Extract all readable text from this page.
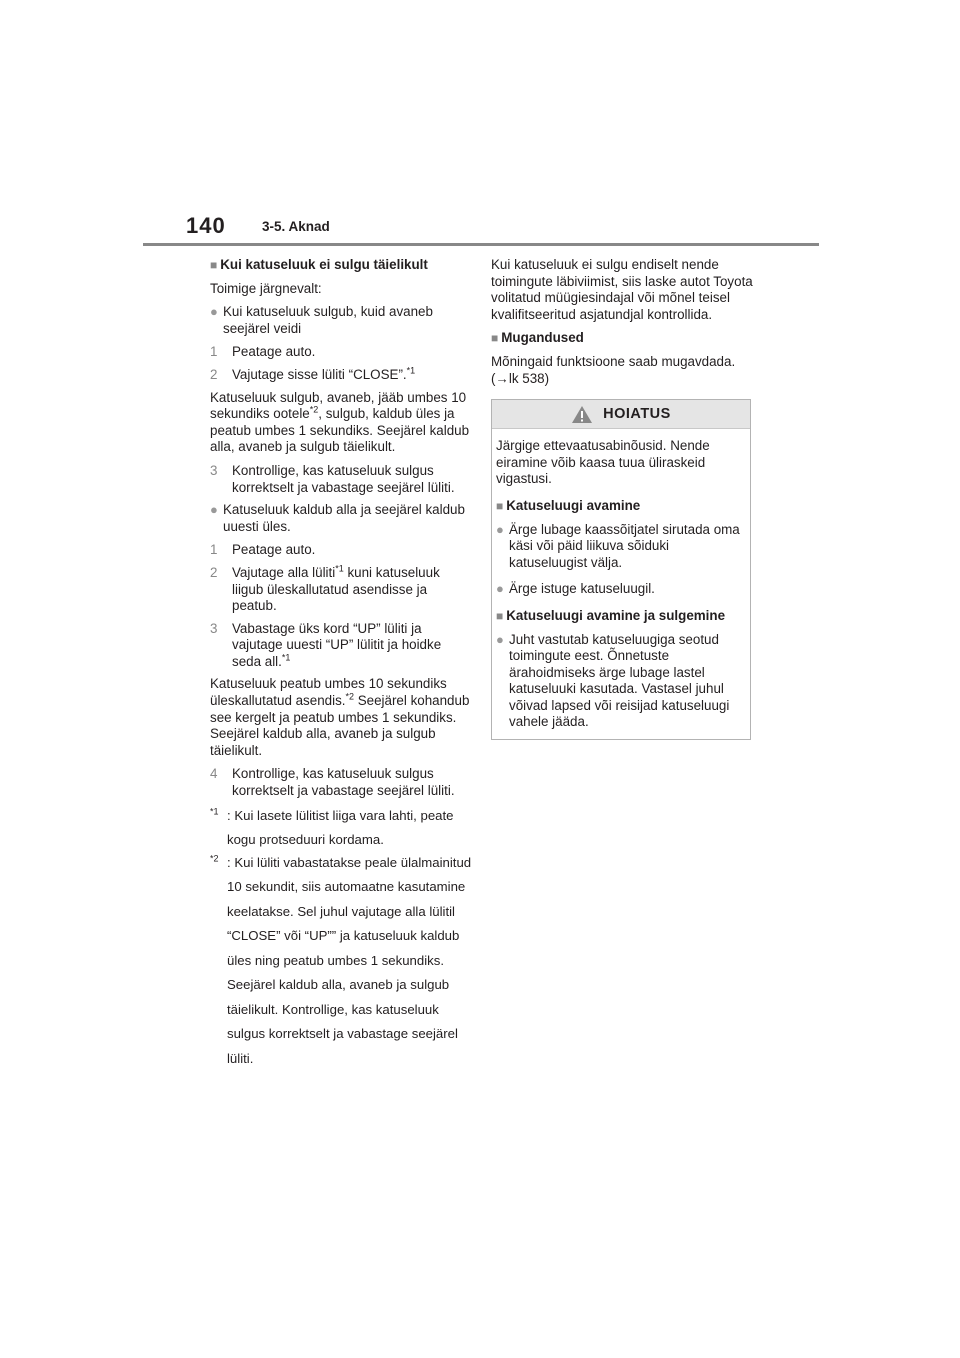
140	3-5. Aknad
■ Kui katuseluuk ei sulgu täielikult

Toimige järgnevalt:

● Kui katuseluuk sulgub, kuid avaneb seejärel veidi
1	Peatage auto.
2	Vajutage sisse lüliti “CLOSE”.$^{*1}$

Katuseluuk sulgub, avaneb, jääb umbes 10 sekundiks ootele$^{*2}$, sulgub, kaldub üles ja peatub umbes 1 sekundiks. Seejärel kaldub alla, avaneb ja sulgub täielikult.

3	Kontrollige, kas katuseluuk sulgus korrektselt ja vabastage seejärel lüliti.
● Katuseluuk kaldub alla ja seejärel kaldub uuesti üles.
1	Peatage auto.
2	Vajutage alla lüliti$^{*1}$ kuni katuseluuk liigub üleskallutatud asendisse ja peatub.
3	Vabastage üks kord “UP” lüliti ja vajutage uuesti “UP” lülitit ja hoidke seda all.$^{*1}$

Katuseluuk peatub umbes 10 sekundiks üleskallutatud asendis.$^{*2}$ Seejärel kohandub see kergelt ja peatub umbes 1 sekundiks. Seejärel kaldub alla, avaneb ja sulgub täielikult.

4	Kontrollige, kas katuseluuk sulgus korrektselt ja vabastage seejärel lüliti.
$^{*1}$ : Kui lasete lülitist liiga vara lahti, peate kogu protseduuri kordama.
$^{*2}$ : Kui lüliti vabastatakse peale ülalmainitud 10 sekundit, siis automaatne kasutamine keelatakse. Sel juhul vajutage alla lülitil “CLOSE” või “UP”” ja katuseluuk kaldub üles ning peatub umbes 1 sekundiks. Seejärel kaldub alla, avaneb ja sulgub täielikult. Kontrollige, kas katuseluuk sulgus korrektselt ja vabastage seejärel lüliti.

Kui katuseluuk ei sulgu endiselt nende toimingute läbiviimist, siis laske autot Toyota volitatud müügiesindajal või mõnel teisel kvalifitseeritud asjatundjal kontrollida.

■ Mugandused

Mõningaid funktsioone saab mugavdada. (→lk 538)

HOIATUS

Järgige ettevaatusabinõusid. Nende eiramine võib kaasa tuua üliraskeid vigastusi.

■ Katuseluugi avamine
● Ärge lubage kaassõitjatel sirutada oma käsi või päid liikuva sõiduki katuseluugist välja.
● Ärge istuge katuseluugil.
■ Katuseluugi avamine ja sulgemine
● Juht vastutab katuseluugiga seotud toimingute eest. Õnnetuste ärahoidmiseks ärge lubage lastel katuseluuki kasutada. Vastasel juhul võivad lapsed või reisijad katuseluugi vahele jääda.
